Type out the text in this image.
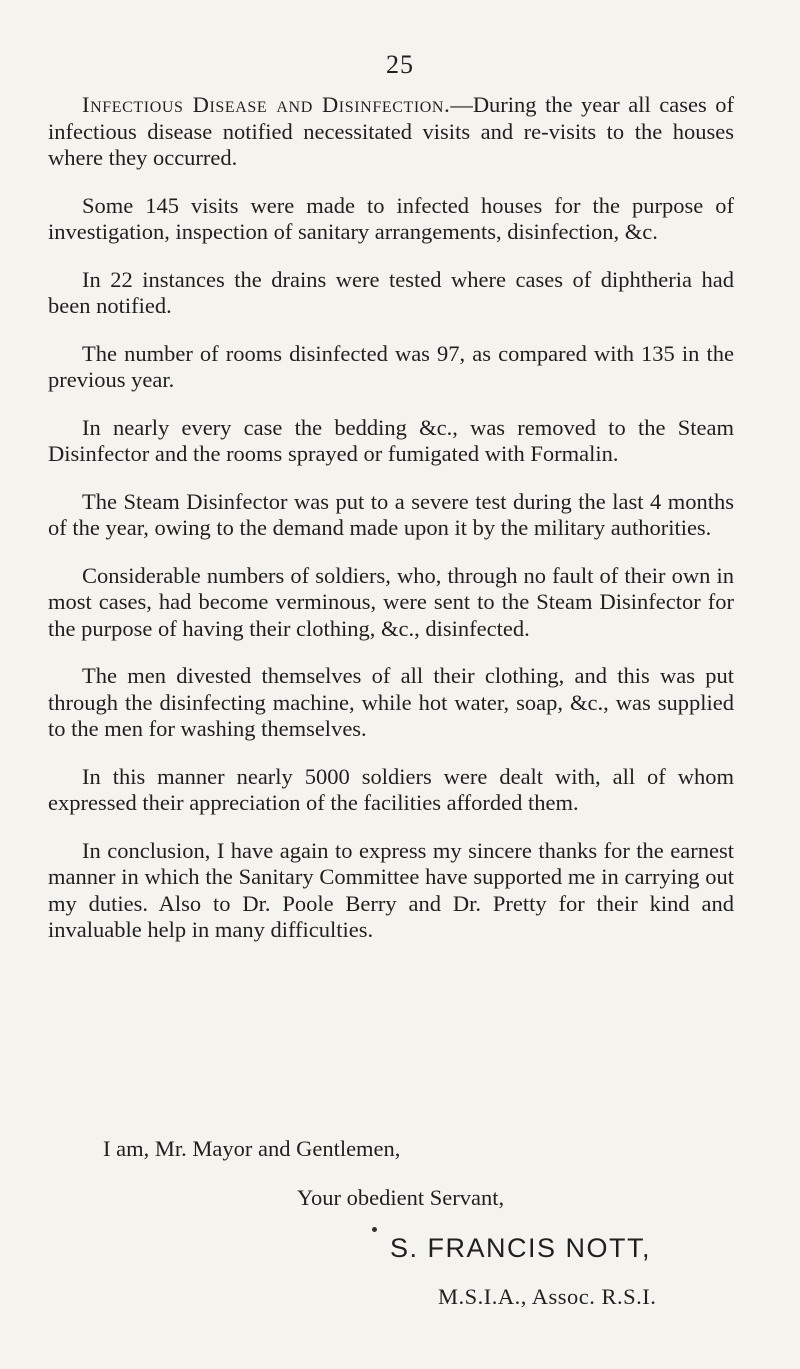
25

Infectious Disease and Disinfection.—During the year all cases of infectious disease notified necessitated visits and re-visits to the houses where they occurred.

Some 145 visits were made to infected houses for the purpose of investigation, inspection of sanitary arrangements, disinfection, &c.

In 22 instances the drains were tested where cases of diphtheria had been notified.

The number of rooms disinfected was 97, as compared with 135 in the previous year.

In nearly every case the bedding &c., was removed to the Steam Disinfector and the rooms sprayed or fumigated with Formalin.

The Steam Disinfector was put to a severe test during the last 4 months of the year, owing to the demand made upon it by the military authorities.

Considerable numbers of soldiers, who, through no fault of their own in most cases, had become verminous, were sent to the Steam Disinfector for the purpose of having their clothing, &c., disinfected.

The men divested themselves of all their clothing, and this was put through the disinfecting machine, while hot water, soap, &c., was supplied to the men for washing themselves.

In this manner nearly 5000 soldiers were dealt with, all of whom expressed their appreciation of the facilities afforded them.

In conclusion, I have again to express my sincere thanks for the earnest manner in which the Sanitary Committee have supported me in carrying out my duties. Also to Dr. Poole Berry and Dr. Pretty for their kind and invaluable help in many difficulties.

I am, Mr. Mayor and Gentlemen,
Your obedient Servant,
S. FRANCIS NOTT,
M.S.I.A., Assoc. R.S.I.
